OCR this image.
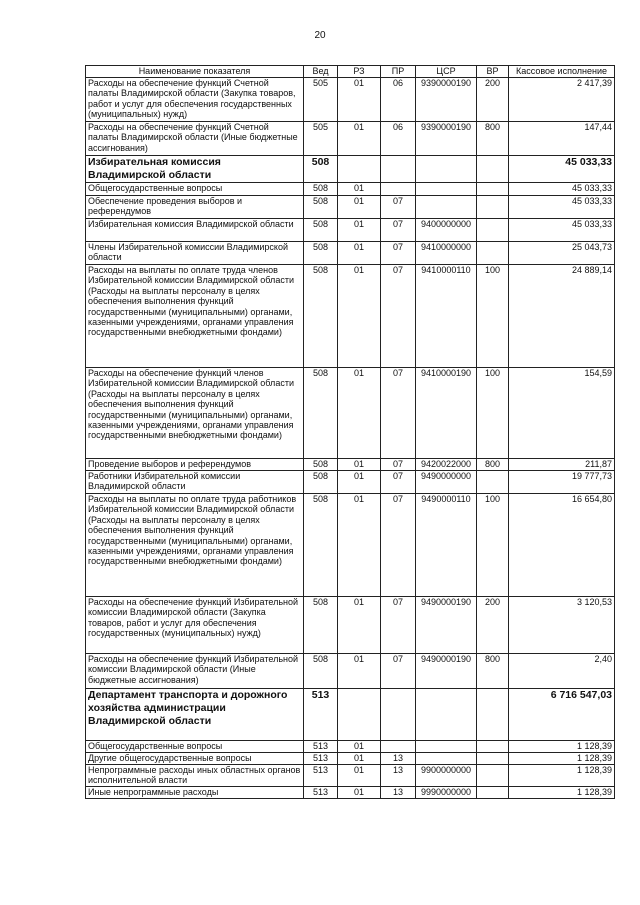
20
Наименование показателя	Вед	РЗ	ПР	ЦСР	ВР	Кассовое исполнение
Расходы на обеспечение функций Счетной палаты Владимирской области (Закупка товаров, работ и услуг для обеспечения государственных (муниципальных) нужд)	505	01	06	9390000190	200	2 417,39
Расходы на обеспечение функций Счетной палаты Владимирской области (Иные бюджетные ассигнования)	505	01	06	9390000190	800	147,44
Избирательная комиссия Владимирской области	508					45 033,33
Общегосударственные вопросы	508	01				45 033,33
Обеспечение проведения выборов и референдумов	508	01	07			45 033,33
Избирательная комиссия Владимирской области	508	01	07	9400000000		45 033,33
Члены Избирательной комиссии Владимирской области	508	01	07	9410000000		25 043,73
Расходы на выплаты по оплате труда членов Избирательной комиссии Владимирской области (Расходы на выплаты персоналу в целях обеспечения выполнения функций государственными (муниципальными) органами, казенными учреждениями, органами управления государственными внебюджетными фондами)	508	01	07	9410000110	100	24 889,14
Расходы на обеспечение функций членов Избирательной комиссии Владимирской области (Расходы на выплаты персоналу в целях обеспечения выполнения функций государственными (муниципальными) органами, казенными учреждениями, органами управления государственными внебюджетными фондами)	508	01	07	9410000190	100	154,59
Проведение выборов и референдумов	508	01	07	9420022000	800	211,87
Работники Избирательной комиссии Владимирской области	508	01	07	9490000000		19 777,73
Расходы на выплаты по оплате труда работников Избирательной комиссии Владимирской области (Расходы на выплаты персоналу в целях обеспечения выполнения функций государственными (муниципальными) органами, казенными учреждениями, органами управления государственными внебюджетными фондами)	508	01	07	9490000110	100	16 654,80
Расходы на обеспечение функций Избирательной комиссии Владимирской области (Закупка товаров, работ и услуг для обеспечения государственных (муниципальных) нужд)	508	01	07	9490000190	200	3 120,53
Расходы на обеспечение функций Избирательной комиссии Владимирской области (Иные бюджетные ассигнования)	508	01	07	9490000190	800	2,40
Департамент транспорта и дорожного хозяйства администрации Владимирской области	513					6 716 547,03
Общегосударственные вопросы	513	01				1 128,39
Другие общегосударственные вопросы	513	01	13			1 128,39
Непрограммные расходы иных областных органов исполнительной власти	513	01	13	9900000000		1 128,39
Иные непрограммные расходы	513	01	13	9990000000		1 128,39
